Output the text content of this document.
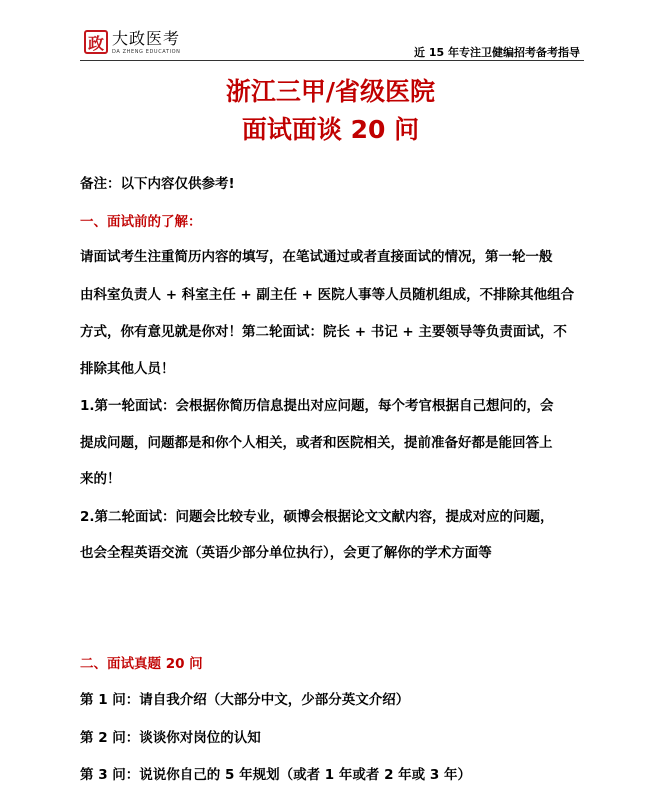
政 大政医考
DA ZHENG EDUCATION	近 15 年专注卫健编招考备考指导
浙江三甲/省级医院
面试面谈 20 问
备注：以下内容仅供参考!
一、面试前的了解：
请面试考生注重简历内容的填写，在笔试通过或者直接面试的情况，第一轮一般
由科室负责人 + 科室主任 + 副主任 + 医院人事等人员随机组成，不排除其他组合
方式，你有意见就是你对！第二轮面试：院长 + 书记 + 主要领导等负责面试，不
排除其他人员！
1.第一轮面试：会根据你简历信息提出对应问题，每个考官根据自己想问的，会
提成问题，问题都是和你个人相关，或者和医院相关，提前准备好都是能回答上
来的！
2.第二轮面试：问题会比较专业，硕博会根据论文文献内容，提成对应的问题，
也会全程英语交流（英语少部分单位执行），会更了解你的学术方面等
二、面试真题 20 问
第 1 问：请自我介绍（大部分中文，少部分英文介绍）
第 2 问：谈谈你对岗位的认知
第 3 问：说说你自己的 5 年规划（或者 1 年或者 2 年或 3 年）
